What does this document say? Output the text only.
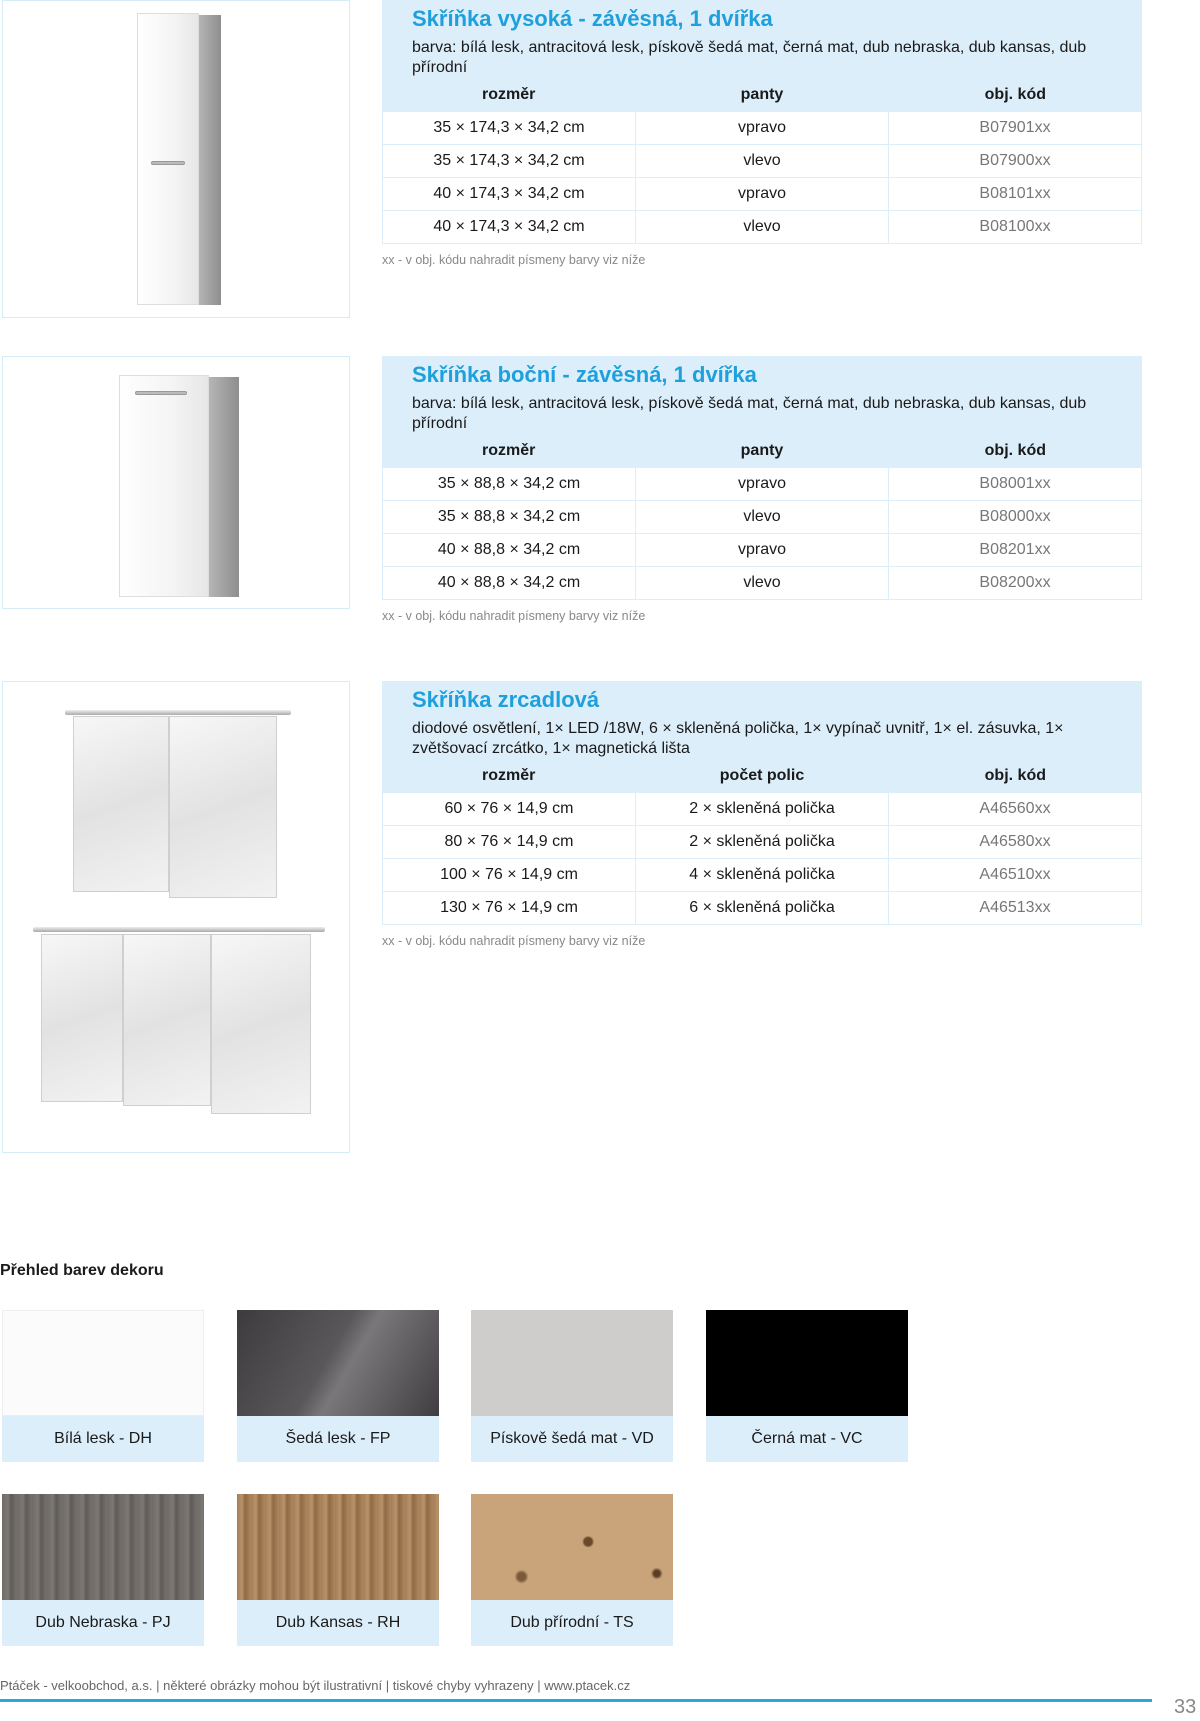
Skříňka vysoká - závěsná, 1 dvířka
barva: bílá lesk, antracitová lesk, pískově šedá mat, černá mat, dub nebraska, dub kansas, dub přírodní
rozměr	panty	obj. kód
35 × 174,3 × 34,2 cm	vpravo	B07901xx
35 × 174,3 × 34,2 cm	vlevo	B07900xx
40 × 174,3 × 34,2 cm	vpravo	B08101xx
40 × 174,3 × 34,2 cm	vlevo	B08100xx
xx - v obj. kódu nahradit písmeny barvy viz níže
Skříňka boční - závěsná, 1 dvířka
barva: bílá lesk, antracitová lesk, pískově šedá mat, černá mat, dub nebraska, dub kansas, dub přírodní
rozměr	panty	obj. kód
35 × 88,8 × 34,2 cm	vpravo	B08001xx
35 × 88,8 × 34,2 cm	vlevo	B08000xx
40 × 88,8 × 34,2 cm	vpravo	B08201xx
40 × 88,8 × 34,2 cm	vlevo	B08200xx
xx - v obj. kódu nahradit písmeny barvy viz níže
Skříňka zrcadlová
diodové osvětlení, 1× LED /18W, 6 × skleněná polička, 1× vypínač uvnitř, 1× el. zásuvka, 1× zvětšovací zrcátko, 1× magnetická lišta
rozměr	počet polic	obj. kód
60 × 76 × 14,9 cm	2 × skleněná polička	A46560xx
80 × 76 × 14,9 cm	2 × skleněná polička	A46580xx
100 × 76 × 14,9 cm	4 × skleněná polička	A46510xx
130 × 76 × 14,9 cm	6 × skleněná polička	A46513xx
xx - v obj. kódu nahradit písmeny barvy viz níže
Přehled barev dekoru
Bílá lesk - DH	Šedá lesk - FP	Pískově šedá mat - VD	Černá mat - VC
Dub Nebraska - PJ	Dub Kansas - RH	Dub přírodní - TS
Ptáček - velkoobchod, a.s. | některé obrázky mohou být ilustrativní | tiskové chyby vyhrazeny | www.ptacek.cz
33
